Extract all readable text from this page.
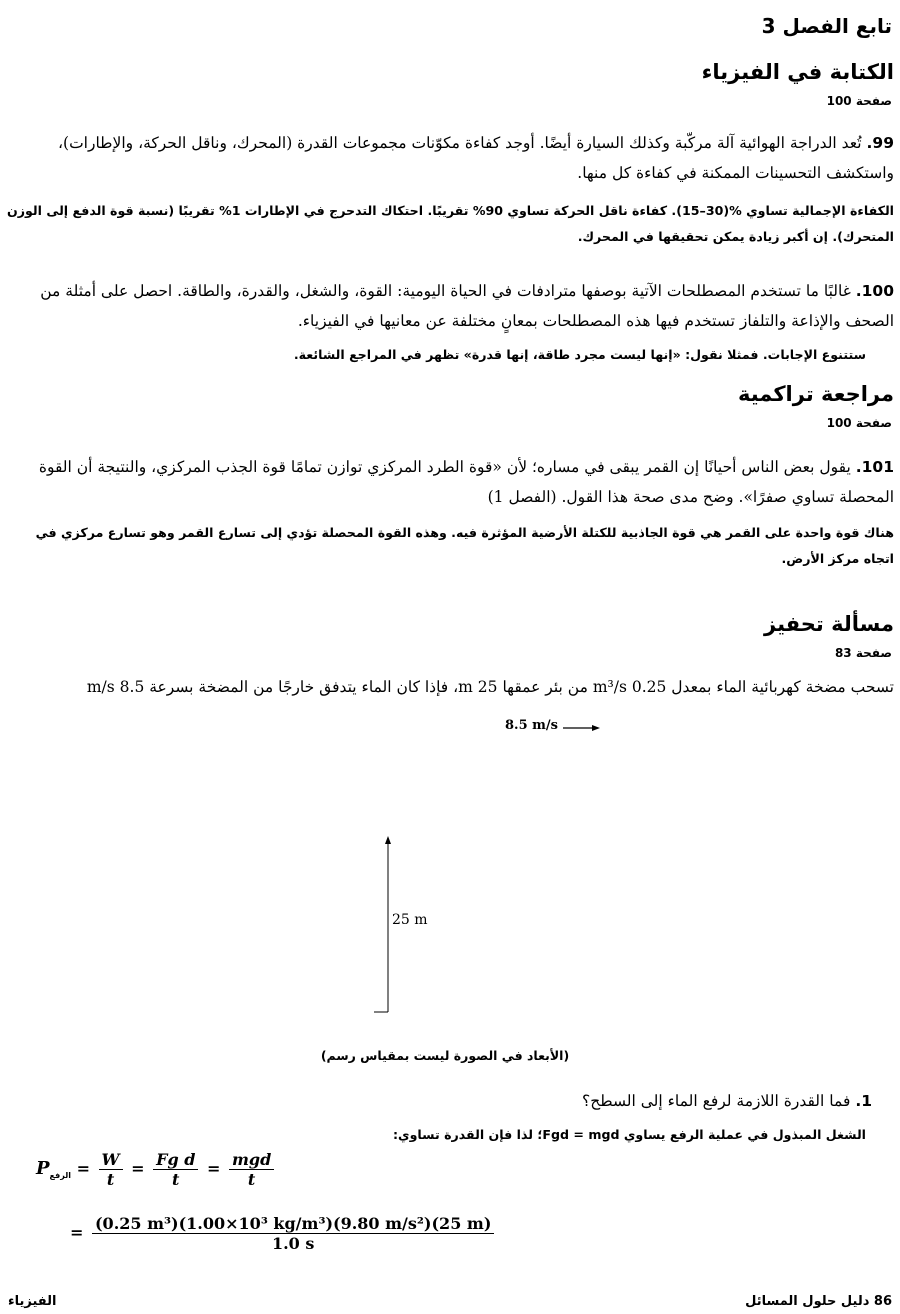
تابع الفصل 3
الكتابة في الفيزياء
صفحة 100
99. تُعد الدراجة الهوائية آلة مركّبة وكذلك السيارة أيضًا. أوجد كفاءة مكوّنات مجموعات القدرة (المحرك، وناقل الحركة، والإطارات)، واستكشف التحسينات الممكنة في كفاءة كل منها.
الكفاءة الإجمالية تساوي %(30–15). كفاءة ناقل الحركة تساوي 90% تقريبًا. احتكاك التدحرج في الإطارات 1% تقريبًا (نسبة قوة الدفع إلى الوزن المتحرك). إن أكبر زيادة يمكن تحقيقها في المحرك.
100. غالبًا ما تستخدم المصطلحات الآتية بوصفها مترادفات في الحياة اليومية: القوة، والشغل، والقدرة، والطاقة. احصل على أمثلة من الصحف والإذاعة والتلفاز تستخدم فيها هذه المصطلحات بمعانٍ مختلفة عن معانيها في الفيزياء.
ستتنوع الإجابات. فمثلا نقول: «إنها ليست مجرد طاقة، إنها قدرة» تظهر في المراجع الشائعة.
مراجعة تراكمية
صفحة 100
101. يقول بعض الناس أحيانًا إن القمر يبقى في مساره؛ لأن «قوة الطرد المركزي توازن تمامًا قوة الجذب المركزي، والنتيجة أن القوة المحصلة تساوي صفرًا». وضح مدى صحة هذا القول. (الفصل 1)
هناك قوة واحدة على القمر هي قوة الجاذبية للكتلة الأرضية المؤثرة فيه. وهذه القوة المحصلة تؤدي إلى تسارع القمر وهو تسارع مركزي في اتجاه مركز الأرض.
مسألة تحفيز
صفحة 83
تسحب مضخة كهربائية الماء بمعدل 0.25 m³/s من بئر عمقها 25 m، فإذا كان الماء يتدفق خارجًا من المضخة بسرعة 8.5 m/s
8.5 m/s
25 m
(الأبعاد في الصورة ليست بمقياس رسم)
1. فما القدرة اللازمة لرفع الماء إلى السطح؟
الشغل المبذول في عملية الرفع يساوي Fgd = mgd؛ لذا فإن القدرة تساوي:
$P_{الرفع} = \frac{W}{t} = \frac{\text{Fg d}}{t} = \frac{\text{mgd}}{t}$
= $\frac{\text{(0.25 m³)(1.00×10³ kg/m³)(9.80 m/s²)(25 m)}}{1.0 s}$
الفيزياء	86 دليل حلول المسائل
